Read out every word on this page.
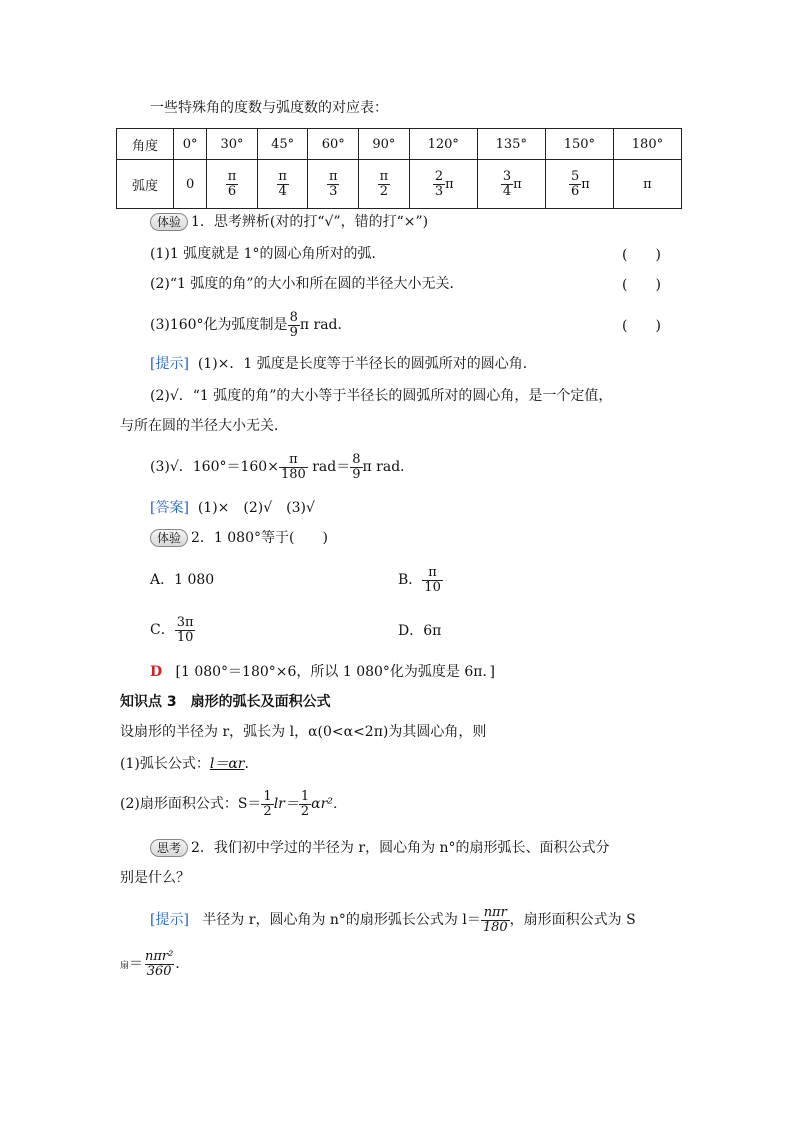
一些特殊角的度数与弧度数的对应表：
角度	0°	30°	45°	60°	90°	120°	135°	150°	180°
弧度	0	$\frac{\pi}{6}$	$\frac{\pi}{4}$	$\frac{\pi}{3}$	$\frac{\pi}{2}$	$\frac{2}{3}$ π	$\frac{3}{4}$ π	$\frac{5}{6}$ π	π
体验 1．思考辨析(对的打“√”，错的打“×”)
(1)1 弧度就是 1°的圆心角所对的弧．	(　　)
(2)“1 弧度的角”的大小和所在圆的半径大小无关．	(　　)
(3)160°化为弧度制是 $\frac{8}{9}$ π rad．	(　　)
[提示] (1)×．1 弧度是长度等于半径长的圆弧所对的圆心角．
(2)√．“1 弧度的角”的大小等于半径长的圆弧所对的圆心角，是一个定值，
与所在圆的半径大小无关．
(3)√．$160^\circ=160\times \frac{\pi}{180} rad= \frac{8}{9}$ π rad．
[答案] (1)×　(2)√　(3)√
体验 2．1 080°等于(　　)
A．1 080	B． $\frac{\pi}{10}$
C． $\frac{3\pi}{10}$	D．6π
D [1 080°＝180°×6，所以 1 080°化为弧度是 6π．]
知识点 3　扇形的弧长及面积公式
设扇形的半径为 r，弧长为 l，α(0<α<2π)为其圆心角，则
(1)弧长公式：l＝αr．
(2)扇形面积公式：$S= \frac{1}{2} lr= \frac{1}{2} \alpha r^2$．
思考 2．我们初中学过的半径为 r，圆心角为 n°的扇形弧长、面积公式分
别是什么？
[提示]
半径为 r，圆心角为 n°的扇形弧长公式为 $l= \frac{\text{nπr}}{180}$ ，扇形面积公式为 S
扇 ＝ $\frac{\text{nπr²}}{360}$ ．
